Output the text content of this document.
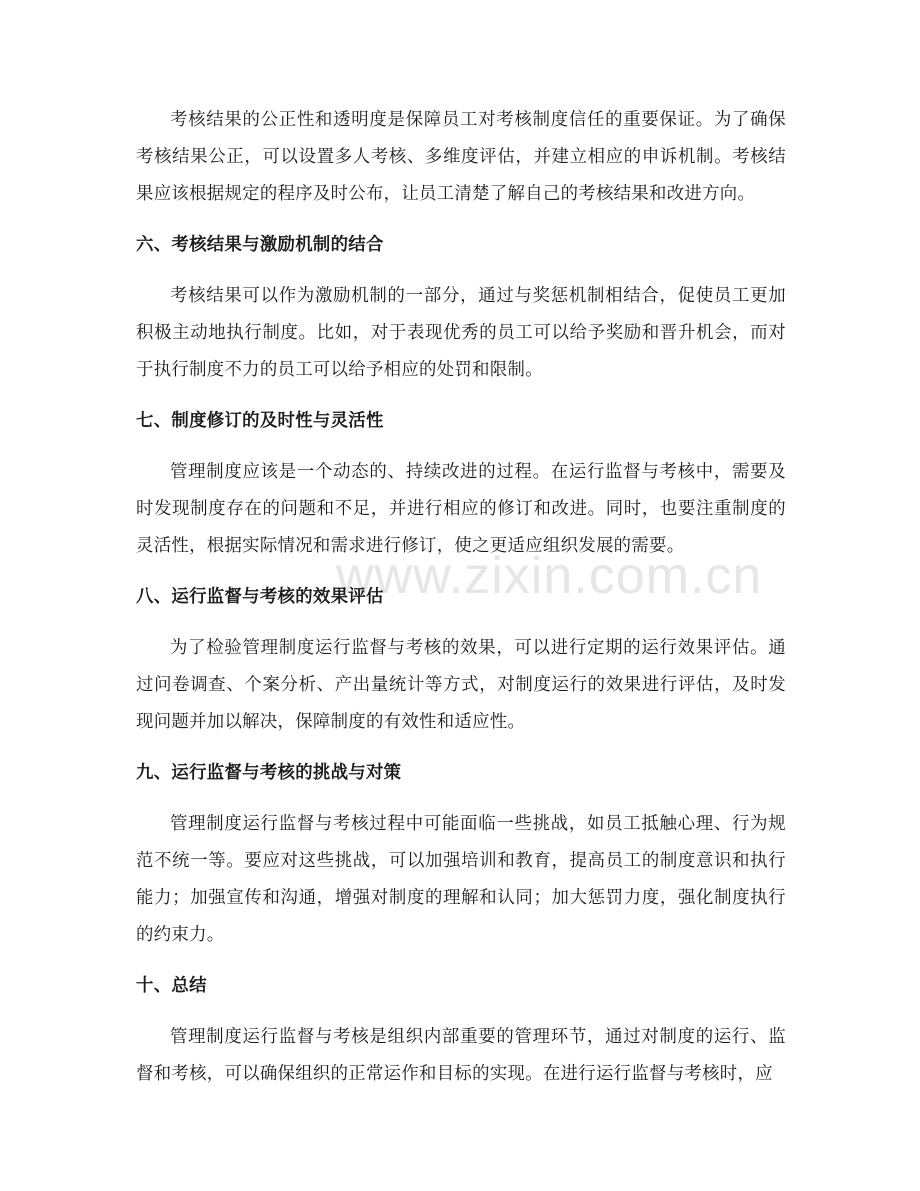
www.zixin.com.cn

考核结果的公正性和透明度是保障员工对考核制度信任的重要保证。为了确保考核结果公正，可以设置多人考核、多维度评估，并建立相应的申诉机制。考核结果应该根据规定的程序及时公布，让员工清楚了解自己的考核结果和改进方向。

六、考核结果与激励机制的结合

考核结果可以作为激励机制的一部分，通过与奖惩机制相结合，促使员工更加积极主动地执行制度。比如，对于表现优秀的员工可以给予奖励和晋升机会，而对于执行制度不力的员工可以给予相应的处罚和限制。

七、制度修订的及时性与灵活性

管理制度应该是一个动态的、持续改进的过程。在运行监督与考核中，需要及时发现制度存在的问题和不足，并进行相应的修订和改进。同时，也要注重制度的灵活性，根据实际情况和需求进行修订，使之更适应组织发展的需要。

八、运行监督与考核的效果评估

为了检验管理制度运行监督与考核的效果，可以进行定期的运行效果评估。通过问卷调查、个案分析、产出量统计等方式，对制度运行的效果进行评估，及时发现问题并加以解决，保障制度的有效性和适应性。

九、运行监督与考核的挑战与对策

管理制度运行监督与考核过程中可能面临一些挑战，如员工抵触心理、行为规范不统一等。要应对这些挑战，可以加强培训和教育，提高员工的制度意识和执行能力；加强宣传和沟通，增强对制度的理解和认同；加大惩罚力度，强化制度执行的约束力。

十、总结

管理制度运行监督与考核是组织内部重要的管理环节，通过对制度的运行、监督和考核，可以确保组织的正常运作和目标的实现。在进行运行监督与考核时，应
